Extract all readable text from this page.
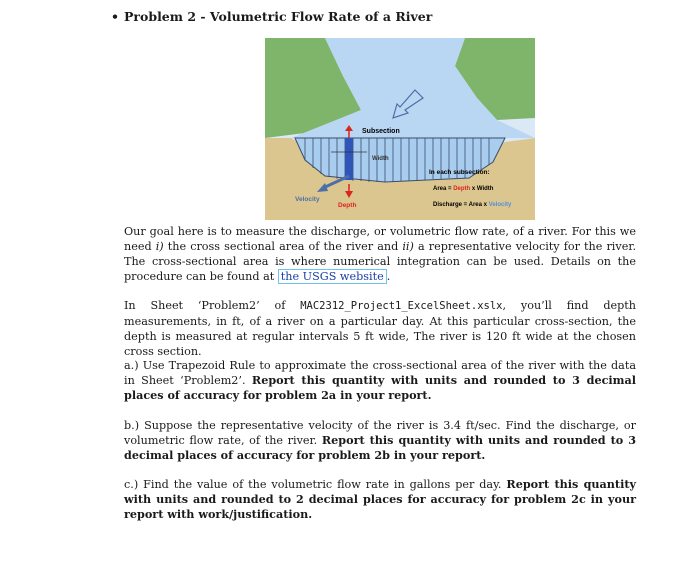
• Problem 2 - Volumetric Flow Rate of a River
Subsection
Width
Velocity
Depth
In each subsection:
Area = Depth x Width
Discharge = Area x Velocity

Our goal here is to measure the discharge, or volumetric flow rate, of a river. For this we need i) the cross sectional area of the river and ii) a representative velocity for the river. The cross-sectional area is where numerical integration can be used. Details on the procedure can be found at the USGS website .

In Sheet ‘Problem2’ of MAC2312_Project1_ExcelSheet.xslx, you’ll find depth measurements, in ft, of a river on a particular day. At this particular cross-section, the depth is measured at regular intervals 5 ft wide, The river is 120 ft wide at the chosen cross section.

a.) Use Trapezoid Rule to approximate the cross-sectional area of the river with the data in Sheet ‘Problem2’. Report this quantity with units and rounded to 3 decimal places of accuracy for problem 2a in your report.

b.) Suppose the representative velocity of the river is 3.4 ft/sec. Find the discharge, or volumetric flow rate, of the river. Report this quantity with units and rounded to 3 decimal places of accuracy for problem 2b in your report.

c.) Find the value of the volumetric flow rate in gallons per day. Report this quantity with units and rounded to 2 decimal places for accuracy for problem 2c in your report with work/justification.
